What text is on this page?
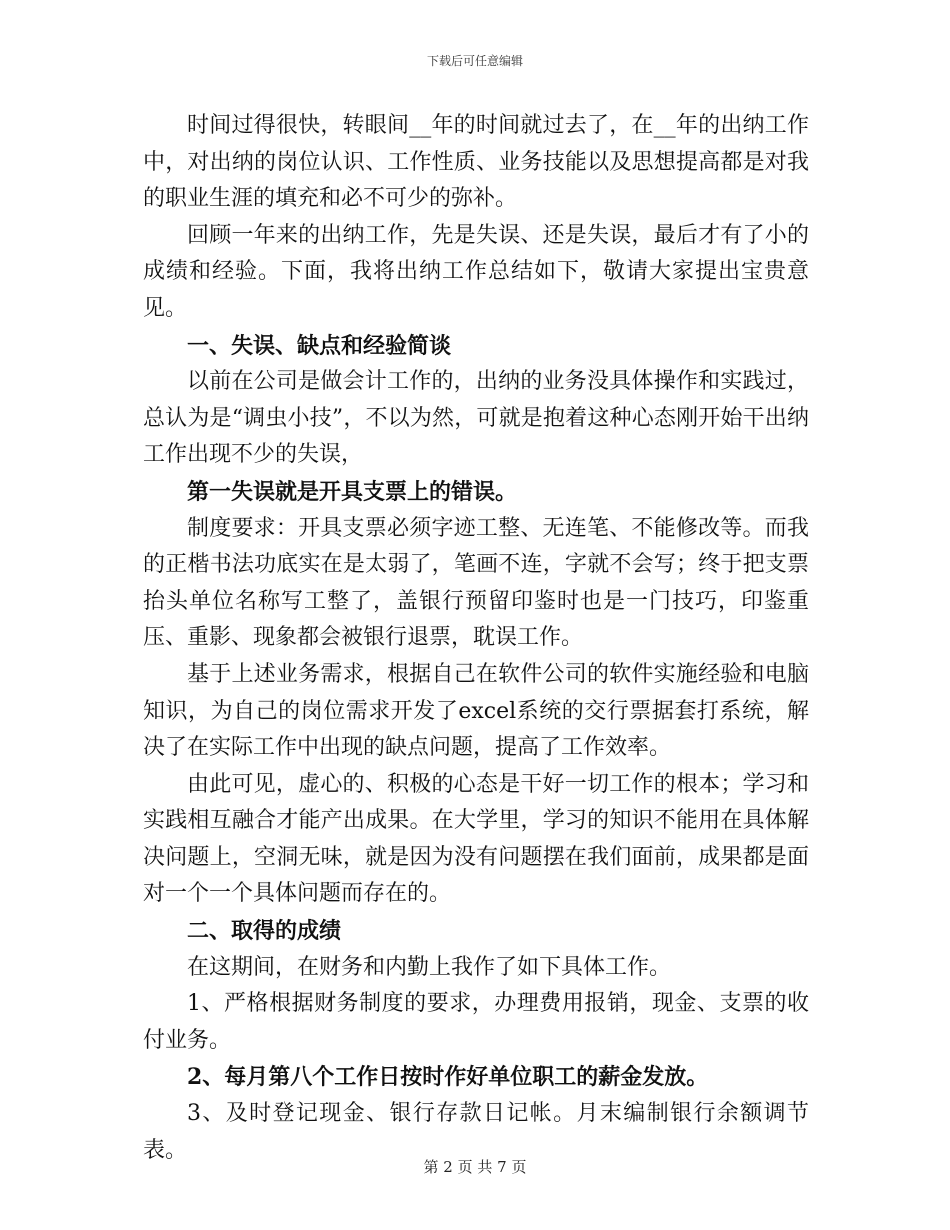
下载后可任意编辑

时间过得很快，转眼间__年的时间就过去了，在__年的出纳工作中，对出纳的岗位认识、工作性质、业务技能以及思想提高都是对我的职业生涯的填充和必不可少的弥补。

回顾一年来的出纳工作，先是失误、还是失误，最后才有了小的成绩和经验。下面，我将出纳工作总结如下，敬请大家提出宝贵意见。

一、失误、缺点和经验简谈

以前在公司是做会计工作的，出纳的业务没具体操作和实践过，总认为是“调虫小技”，不以为然，可就是抱着这种心态刚开始干出纳工作出现不少的失误，

第一失误就是开具支票上的错误。

制度要求：开具支票必须字迹工整、无连笔、不能修改等。而我的正楷书法功底实在是太弱了，笔画不连，字就不会写；终于把支票抬头单位名称写工整了，盖银行预留印鉴时也是一门技巧，印鉴重压、重影、现象都会被银行退票，耽误工作。

基于上述业务需求，根据自己在软件公司的软件实施经验和电脑知识，为自己的岗位需求开发了excel系统的交行票据套打系统，解决了在实际工作中出现的缺点问题，提高了工作效率。

由此可见，虚心的、积极的心态是干好一切工作的根本；学习和实践相互融合才能产出成果。在大学里，学习的知识不能用在具体解决问题上，空洞无味，就是因为没有问题摆在我们面前，成果都是面对一个一个具体问题而存在的。

二、取得的成绩

在这期间，在财务和内勤上我作了如下具体工作。

1、严格根据财务制度的要求，办理费用报销，现金、支票的收付业务。

2、每月第八个工作日按时作好单位职工的薪金发放。

3、及时登记现金、银行存款日记帐。月末编制银行余额调节表。

第 2 页 共 7 页
